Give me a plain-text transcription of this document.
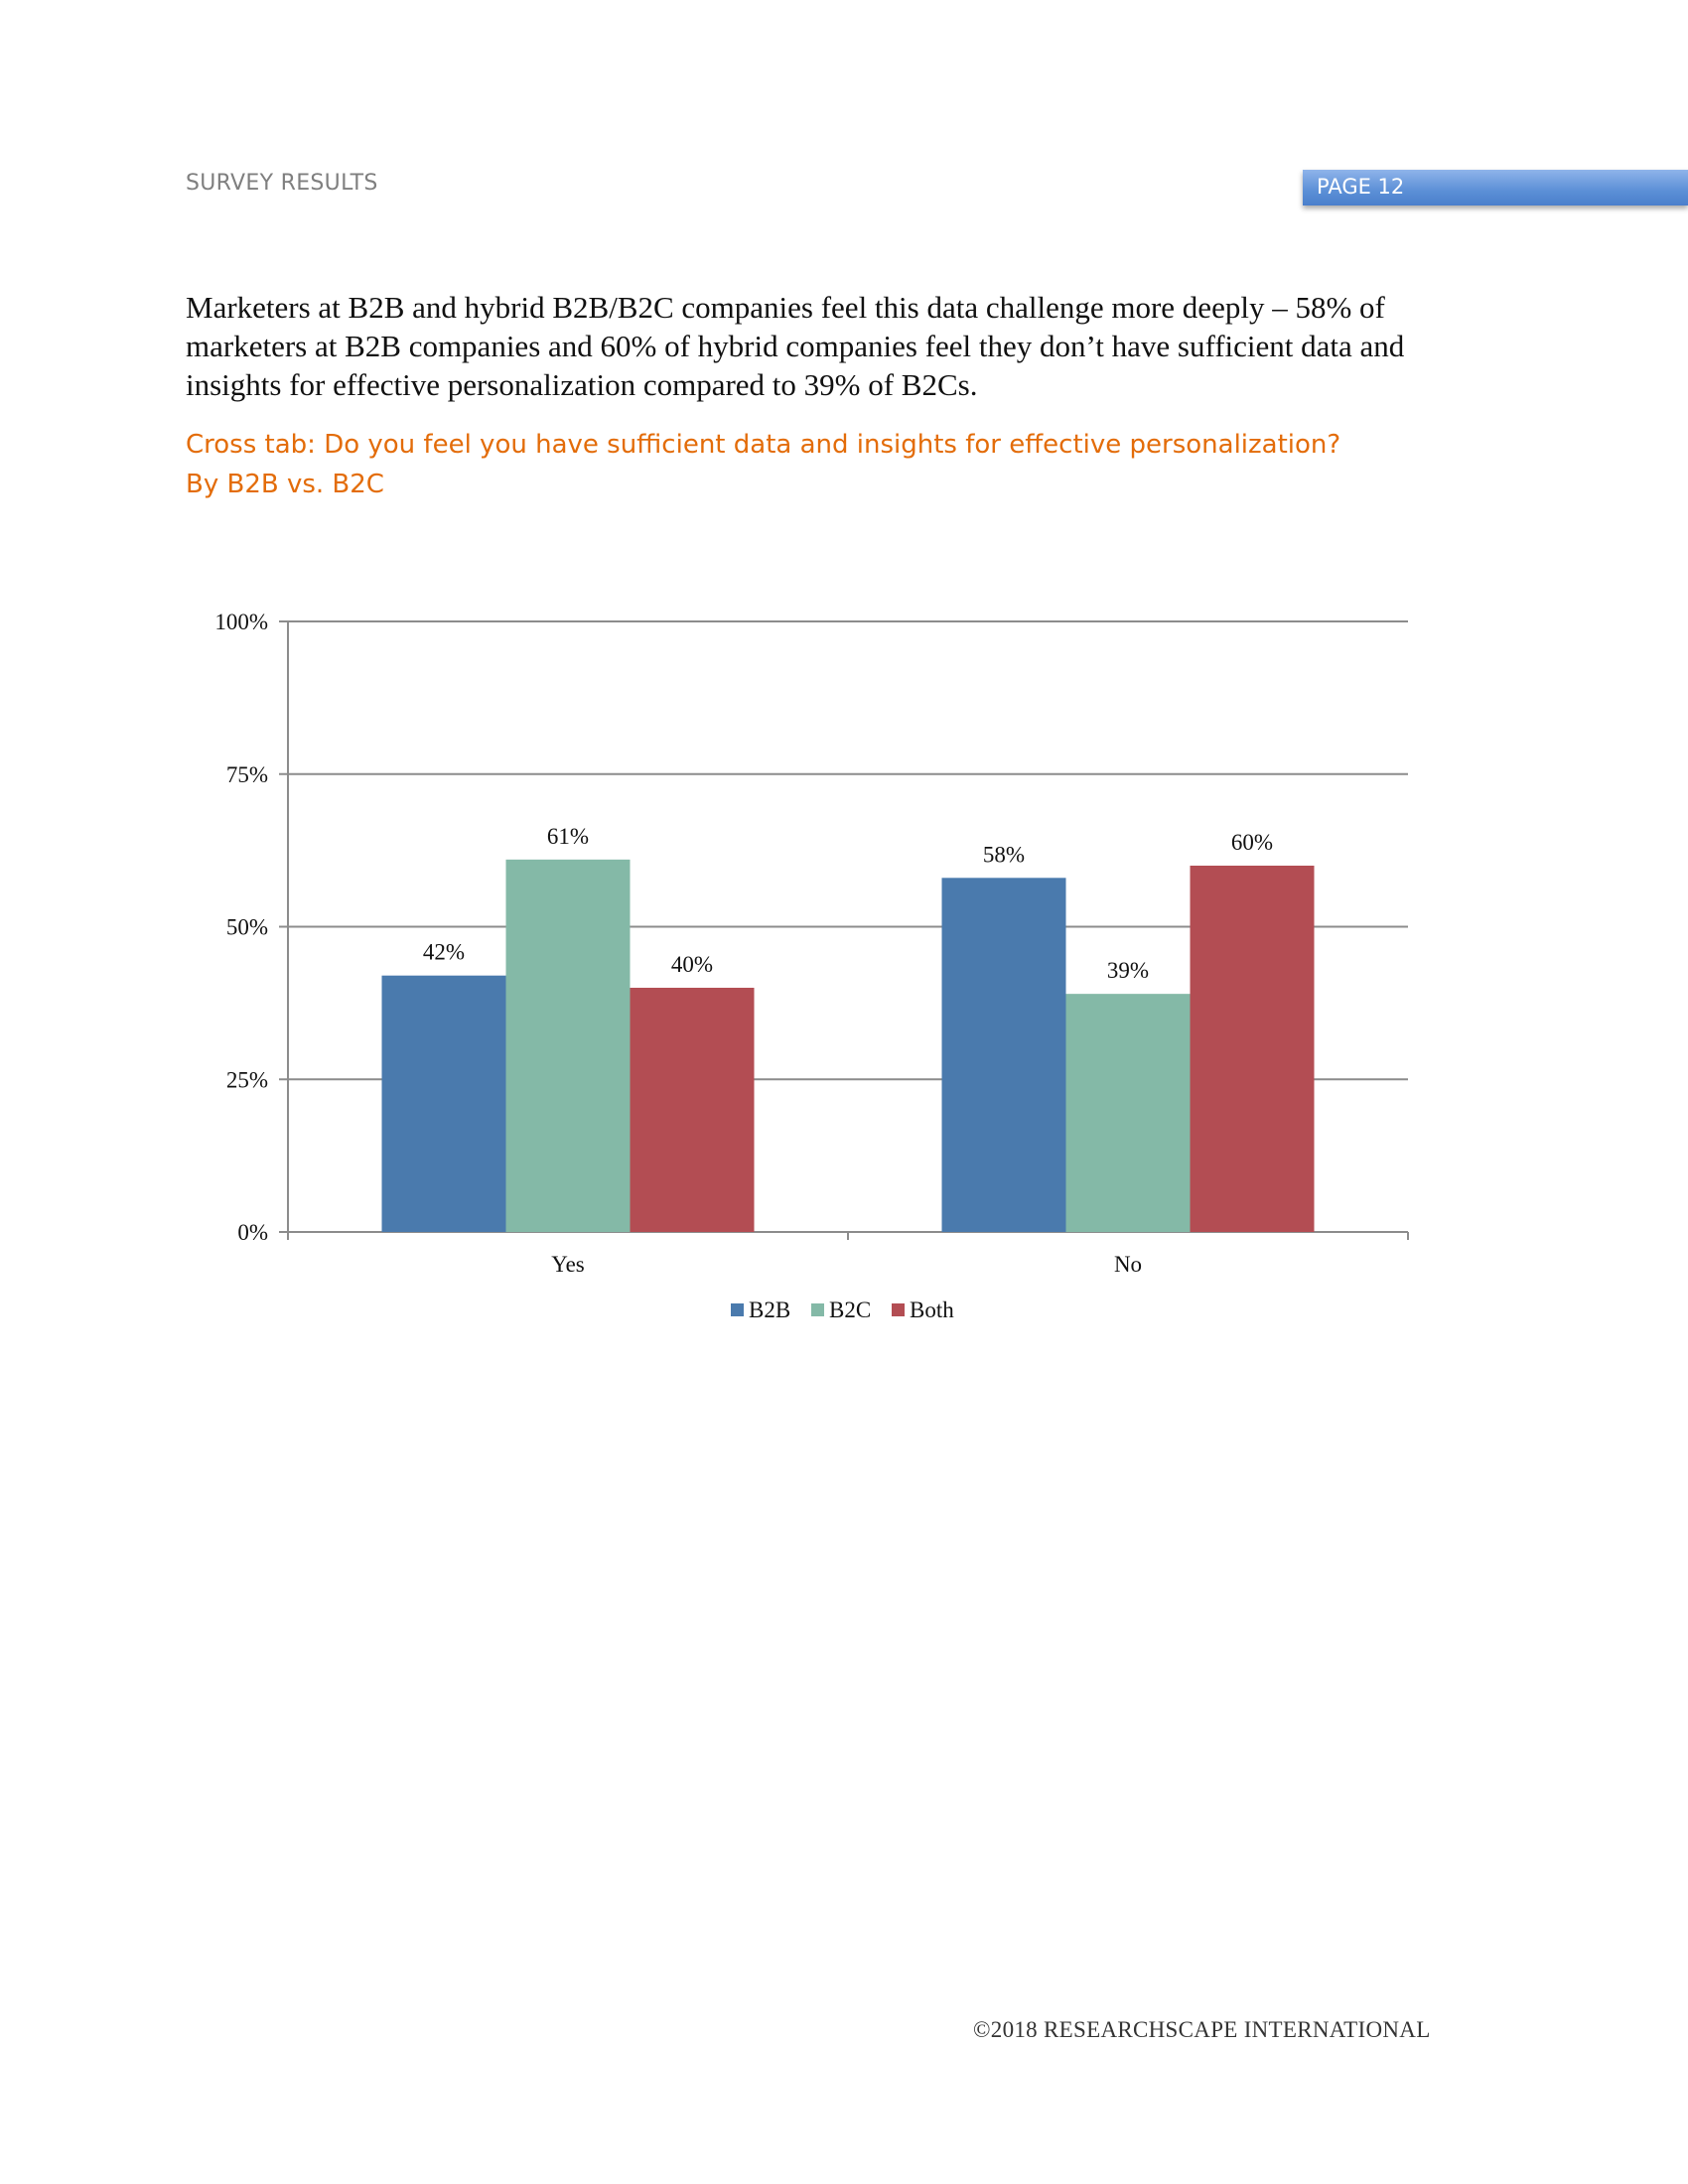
SURVEY RESULTS	PAGE 12
Marketers at B2B and hybrid B2B/B2C companies feel this data challenge more deeply – 58% of marketers at B2B companies and 60% of hybrid companies feel they don’t have sufficient data and insights for effective personalization compared to 39% of B2Cs.
Cross tab: Do you feel you have sufficient data and insights for effective personalization?
By B2B vs. B2C
0%
25%
50%
75%
100%
42%
61%
40%
Yes
58%
39%
60%
No
B2B B2C Both
©2018 RESEARCHSCAPE INTERNATIONAL
